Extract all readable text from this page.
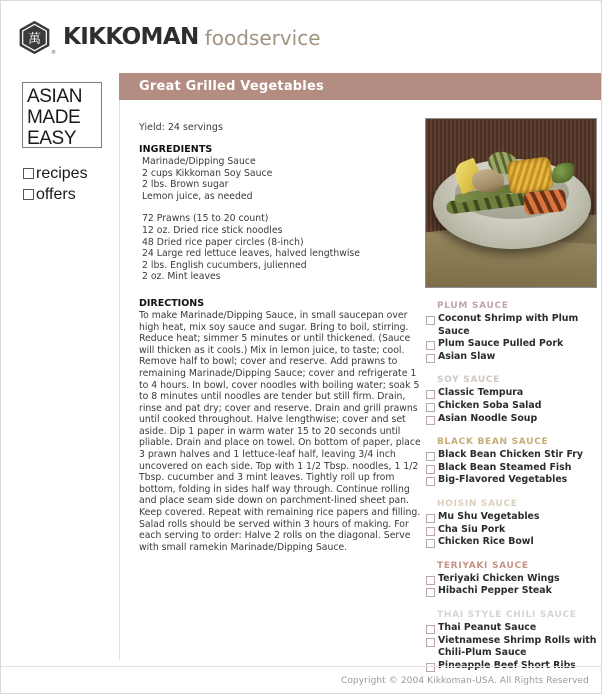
萬
®
KIKKOMAN foodservice
Great Grilled Vegetables
ASIAN
MADE
EASY
recipes
offers
Yield: 24 servings
INGREDIENTS
Marinade/Dipping Sauce
2 cups Kikkoman Soy Sauce
2 lbs. Brown sugar
Lemon juice, as needed
72 Prawns (15 to 20 count)
12 oz. Dried rice stick noodles
48 Dried rice paper circles (8-inch)
24 Large red lettuce leaves, halved lengthwise
2 lbs. English cucumbers, julienned
2 oz. Mint leaves
DIRECTIONS
To make Marinade/Dipping Sauce, in small saucepan over high heat, mix soy sauce and sugar. Bring to boil, stirring. Reduce heat; simmer 5 minutes or until thickened. (Sauce will thicken as it cools.) Mix in lemon juice, to taste; cool. Remove half to bowl; cover and reserve. Add prawns to remaining Marinade/Dipping Sauce; cover and refrigerate 1 to 4 hours. In bowl, cover noodles with boiling water; soak 5 to 8 minutes until noodles are tender but still firm. Drain, rinse and pat dry; cover and reserve. Drain and grill prawns until cooked throughout. Halve lengthwise; cover and set aside. Dip 1 paper in warm water 15 to 20 seconds until pliable. Drain and place on towel. On bottom of paper, place 3 prawn halves and 1 lettuce-leaf half, leaving 3/4 inch uncovered on each side. Top with 1 1/2 Tbsp. noodles, 1 1/2 Tbsp. cucumber and 3 mint leaves. Tightly roll up from bottom, folding in sides half way through. Continue rolling and place seam side down on parchment-lined sheet pan. Keep covered. Repeat with remaining rice papers and filling. Salad rolls should be served within 3 hours of making. For each serving to order: Halve 2 rolls on the diagonal. Serve with small ramekin Marinade/Dipping Sauce.
PLUM SAUCE
Coconut Shrimp with Plum Sauce
Plum Sauce Pulled Pork
Asian Slaw
SOY SAUCE
Classic Tempura
Chicken Soba Salad
Asian Noodle Soup
BLACK BEAN SAUCE
Black Bean Chicken Stir Fry
Black Bean Steamed Fish
Big-Flavored Vegetables
HOISIN SAUCE
Mu Shu Vegetables
Cha Siu Pork
Chicken Rice Bowl
TERIYAKI SAUCE
Teriyaki Chicken Wings
Hibachi Pepper Steak
THAI STYLE CHILI SAUCE
Thai Peanut Sauce
Vietnamese Shrimp Rolls with Chili-Plum Sauce
Copyright © 2004 Kikkoman-USA. All Rights Reserved
